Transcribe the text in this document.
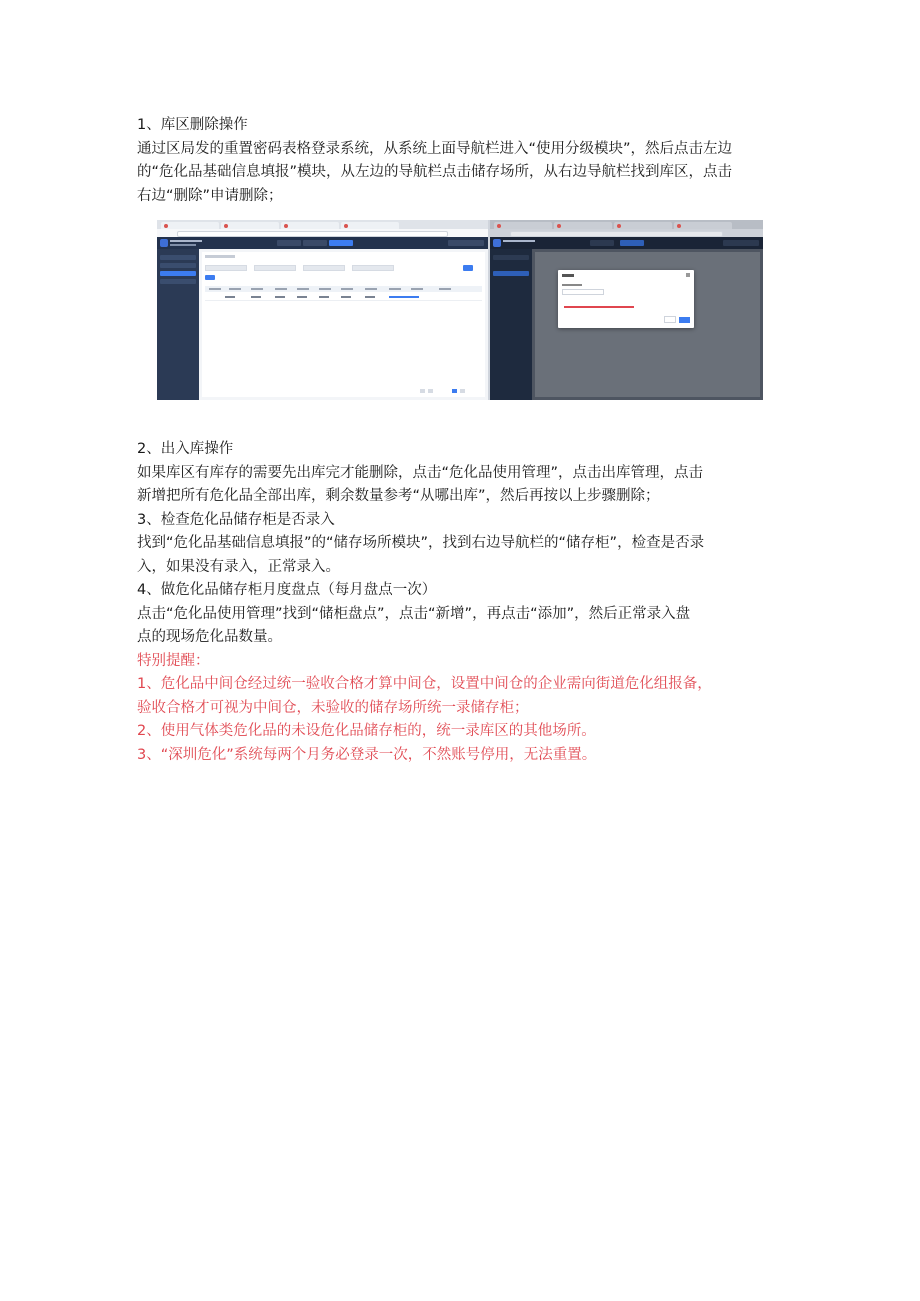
1、库区删除操作
通过区局发的重置密码表格登录系统，从系统上面导航栏进入“使用分级模块”，然后点击左边
的“危化品基础信息填报”模块，从左边的导航栏点击储存场所，从右边导航栏找到库区，点击
右边“删除”申请删除；
2、出入库操作
如果库区有库存的需要先出库完才能删除，点击“危化品使用管理”，点击出库管理，点击
新增把所有危化品全部出库，剩余数量参考“从哪出库”，然后再按以上步骤删除；
3、检查危化品储存柜是否录入
找到“危化品基础信息填报”的“储存场所模块”，找到右边导航栏的“储存柜”，检查是否录
入，如果没有录入，正常录入。
4、做危化品储存柜月度盘点（每月盘点一次）
点击“危化品使用管理”找到“储柜盘点”，点击“新增”，再点击“添加”，然后正常录入盘
点的现场危化品数量。
特别提醒：
1、危化品中间仓经过统一验收合格才算中间仓，设置中间仓的企业需向街道危化组报备，
验收合格才可视为中间仓，未验收的储存场所统一录储存柜；
2、使用气体类危化品的未设危化品储存柜的，统一录库区的其他场所。
3、“深圳危化”系统每两个月务必登录一次，不然账号停用，无法重置。
